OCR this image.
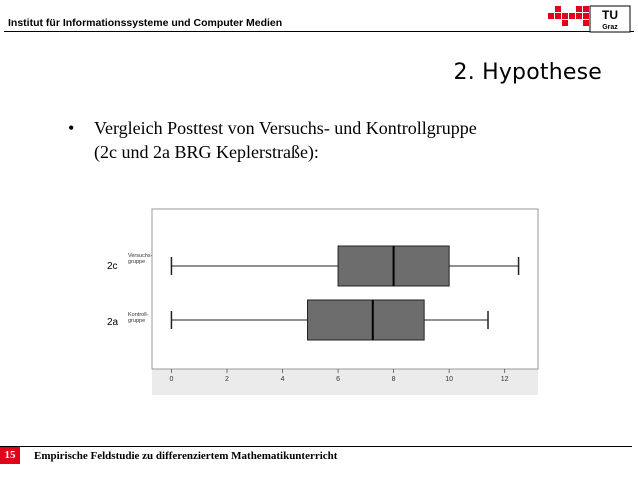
Institut für Informationssysteme und Computer Medien
TU
Graz
2. Hypothese
• Vergleich Posttest von Versuchs- und Kontrollgruppe
(2c und 2a BRG Keplerstraße):
2c
2a
0	2	4	6	8	10	12
15	Empirische Feldstudie zu differenziertem Mathematikunterricht
Versuchs-
gruppe
Kontroll-
gruppe
